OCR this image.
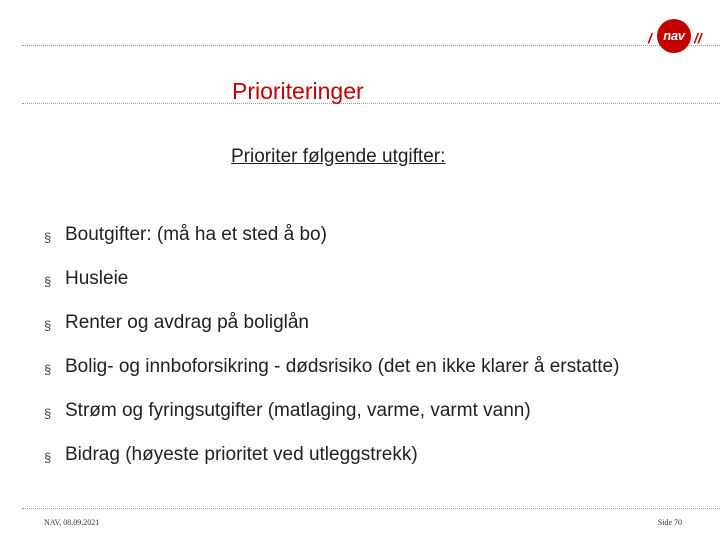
/ nav //
Prioriteringer
Prioriter følgende utgifter:
§ Boutgifter: (må ha et sted å bo)
§ Husleie
§ Renter og avdrag på boliglån
§ Bolig- og innboforsikring - dødsrisiko (det en ikke klarer å erstatte)
§ Strøm og fyringsutgifter (matlaging, varme, varmt vann)
§ Bidrag (høyeste prioritet ved utleggstrekk)
NAV, 08.09.2021	Side 70
